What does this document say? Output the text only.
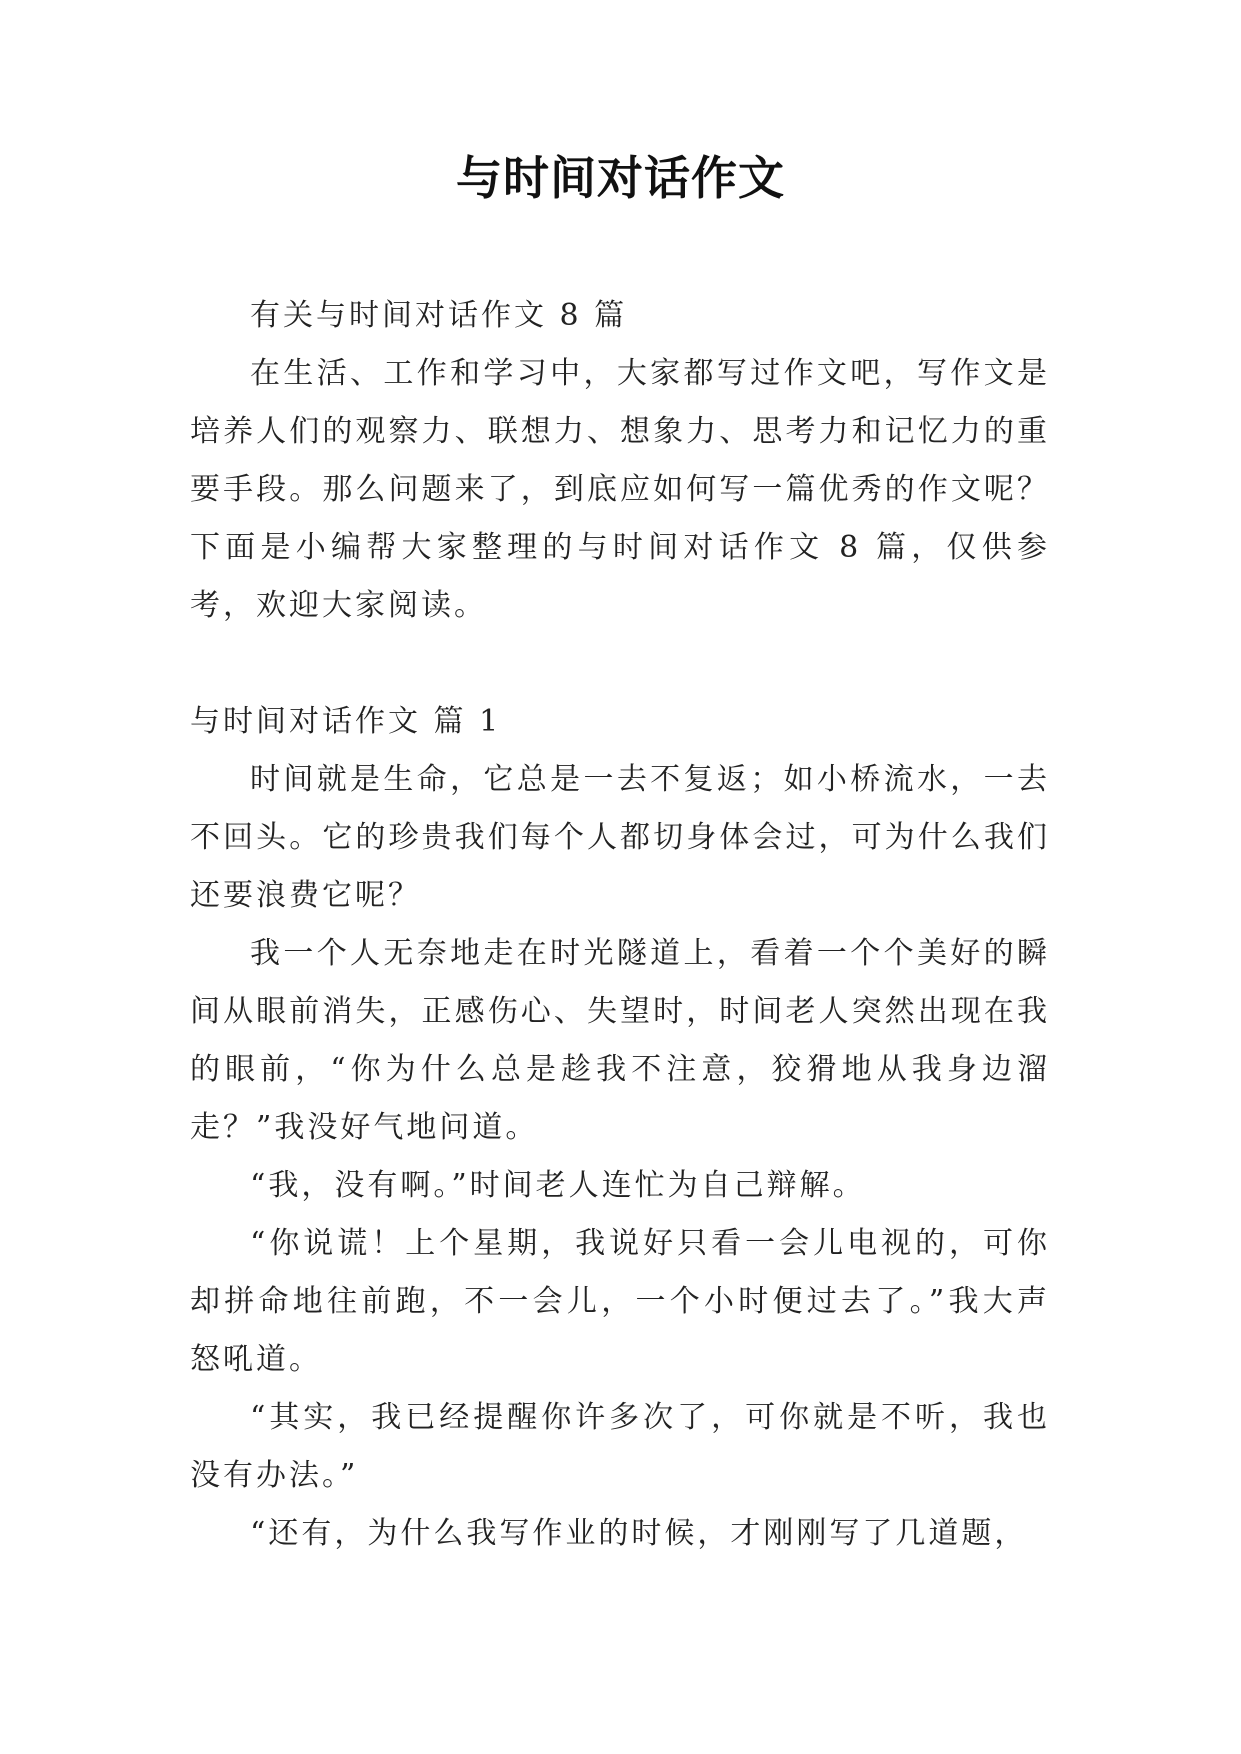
与时间对话作文

有关与时间对话作文 8 篇

在生活、工作和学习中，大家都写过作文吧，写作文是培养人们的观察力、联想力、想象力、思考力和记忆力的重要手段。那么问题来了，到底应如何写一篇优秀的作文呢？下面是小编帮大家整理的与时间对话作文 8 篇，仅供参考，欢迎大家阅读。

与时间对话作文 篇 1

时间就是生命，它总是一去不复返；如小桥流水，一去不回头。它的珍贵我们每个人都切身体会过，可为什么我们还要浪费它呢？

我一个人无奈地走在时光隧道上，看着一个个美好的瞬间从眼前消失，正感伤心、失望时，时间老人突然出现在我的眼前，“你为什么总是趁我不注意，狡猾地从我身边溜走？”我没好气地问道。

“我，没有啊。”时间老人连忙为自己辩解。

“你说谎！上个星期，我说好只看一会儿电视的，可你却拼命地往前跑，不一会儿，一个小时便过去了。”我大声怒吼道。

“其实，我已经提醒你许多次了，可你就是不听，我也没有办法。”

“还有，为什么我写作业的时候，才刚刚写了几道题，
